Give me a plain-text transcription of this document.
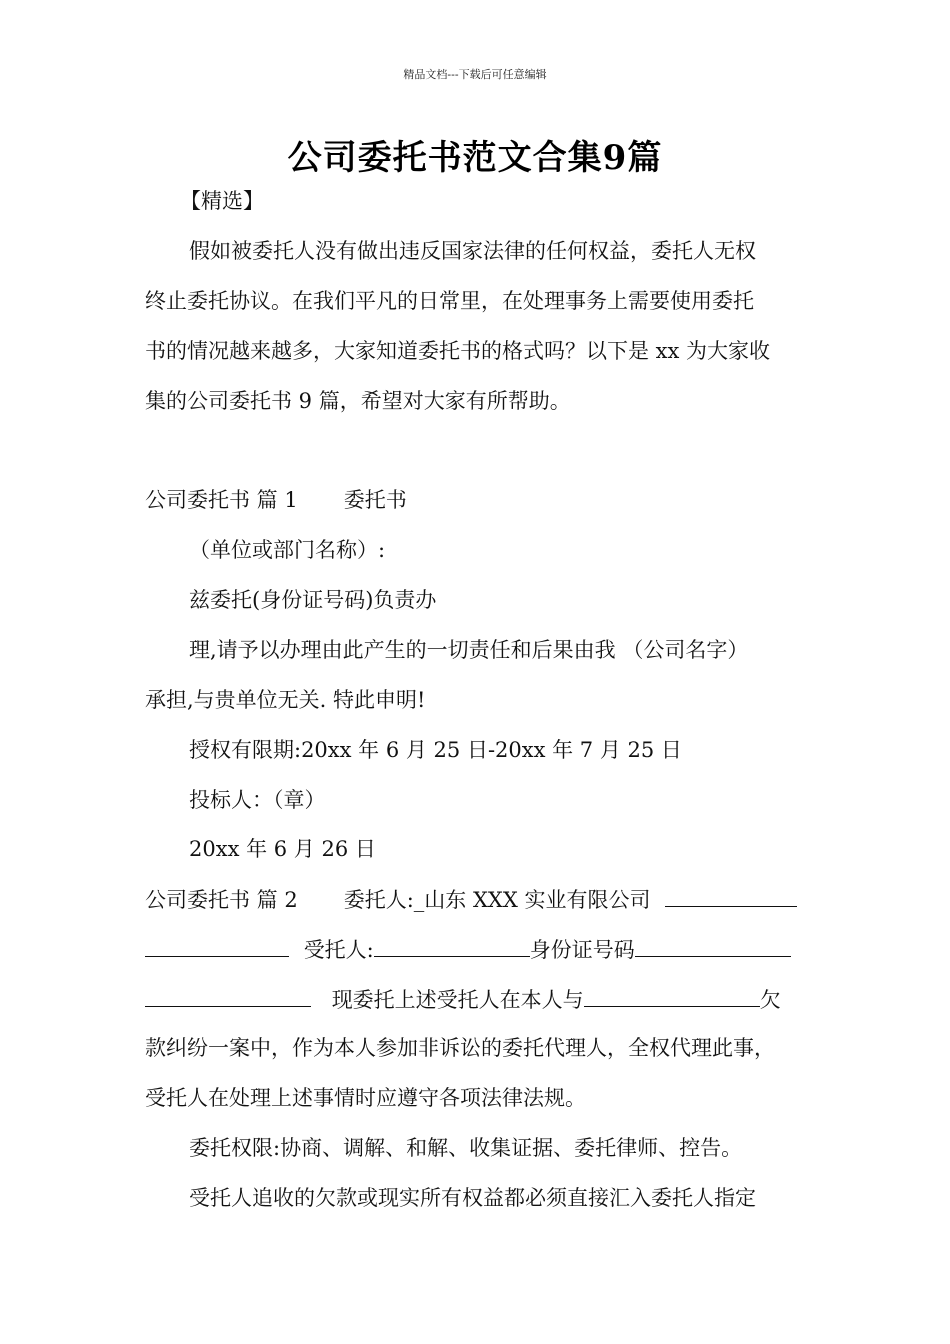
精品文档---下载后可任意编辑
公司委托书范文合集9篇
【精选】
假如被委托人没有做出违反国家法律的任何权益，委托人无权
终止委托协议。在我们平凡的日常里，在处理事务上需要使用委托
书的情况越来越多，大家知道委托书的格式吗？以下是 xx 为大家收
集的公司委托书 9 篇，希望对大家有所帮助。
公司委托书 篇 1 委托书
（单位或部门名称）:
兹委托(身份证号码)负责办
理,请予以办理由此产生的一切责任和后果由我 （公司名字）
承担,与贵单位无关. 特此申明!
授权有限期:20xx 年 6 月 25 日-20xx 年 7 月 25 日
投标人：（章）
20xx 年 6 月 26 日
公司委托书 篇 2 委托人:_山东 XXX 实业有限公司
受托人:	身份证号码
现委托上述受托人在本人与	欠
款纠纷一案中，作为本人参加非诉讼的委托代理人，全权代理此事，
受托人在处理上述事情时应遵守各项法律法规。
委托权限:协商、调解、和解、收集证据、委托律师、控告。
受托人追收的欠款或现实所有权益都必须直接汇入委托人指定
